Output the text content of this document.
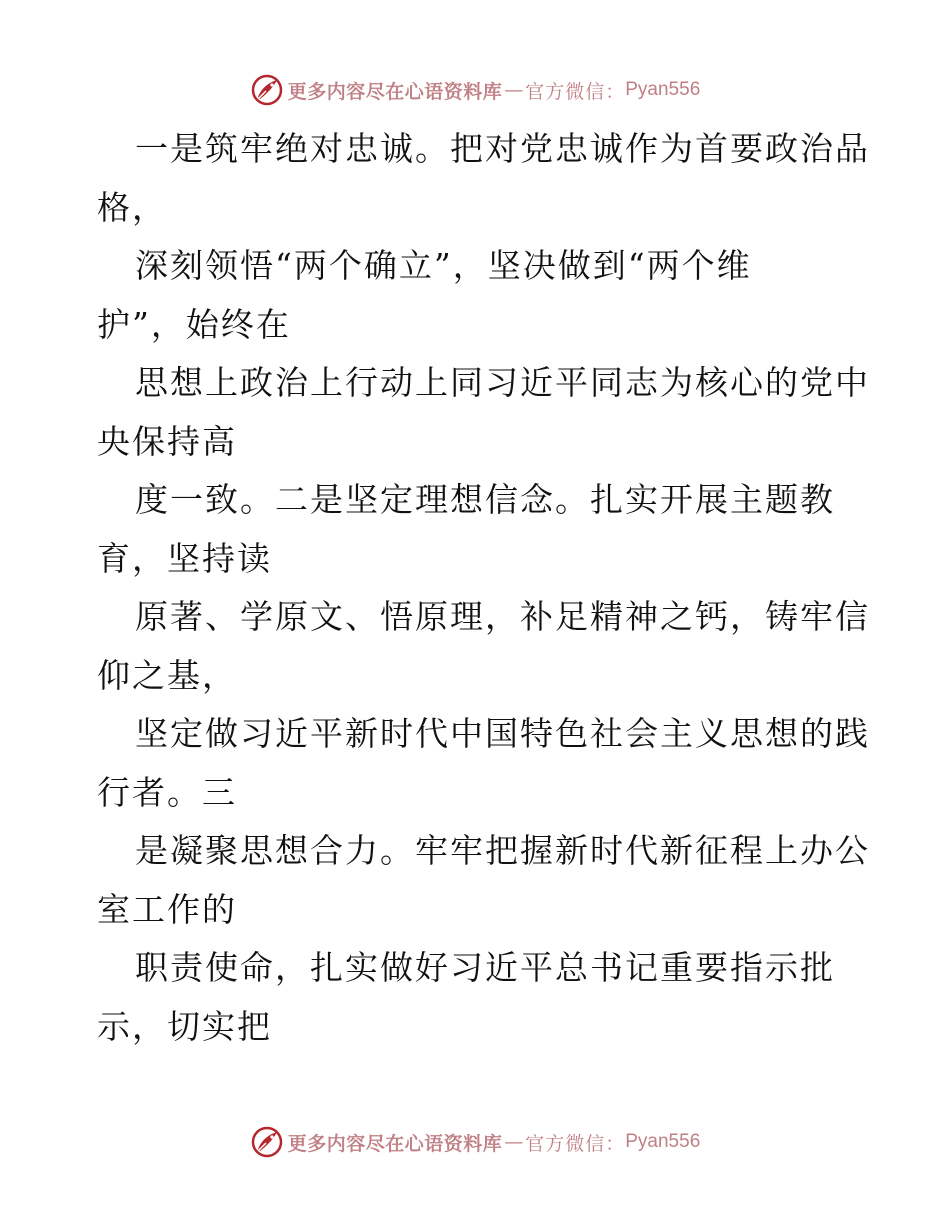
更多内容尽在心语资料库 — 官方微信： Pyan556
一是筑牢绝对忠诚。把对党忠诚作为首要政治品
格，
深刻领悟“两个确立”，坚决做到“两个维
护”，始终在
思想上政治上行动上同习近平同志为核心的党中
央保持高
度一致。二是坚定理想信念。扎实开展主题教
育，坚持读
原著、学原文、悟原理，补足精神之钙，铸牢信
仰之基，
坚定做习近平新时代中国特色社会主义思想的践
行者。三
是凝聚思想合力。牢牢把握新时代新征程上办公
室工作的
职责使命，扎实做好习近平总书记重要指示批
示，切实把
更多内容尽在心语资料库 — 官方微信： Pyan556
